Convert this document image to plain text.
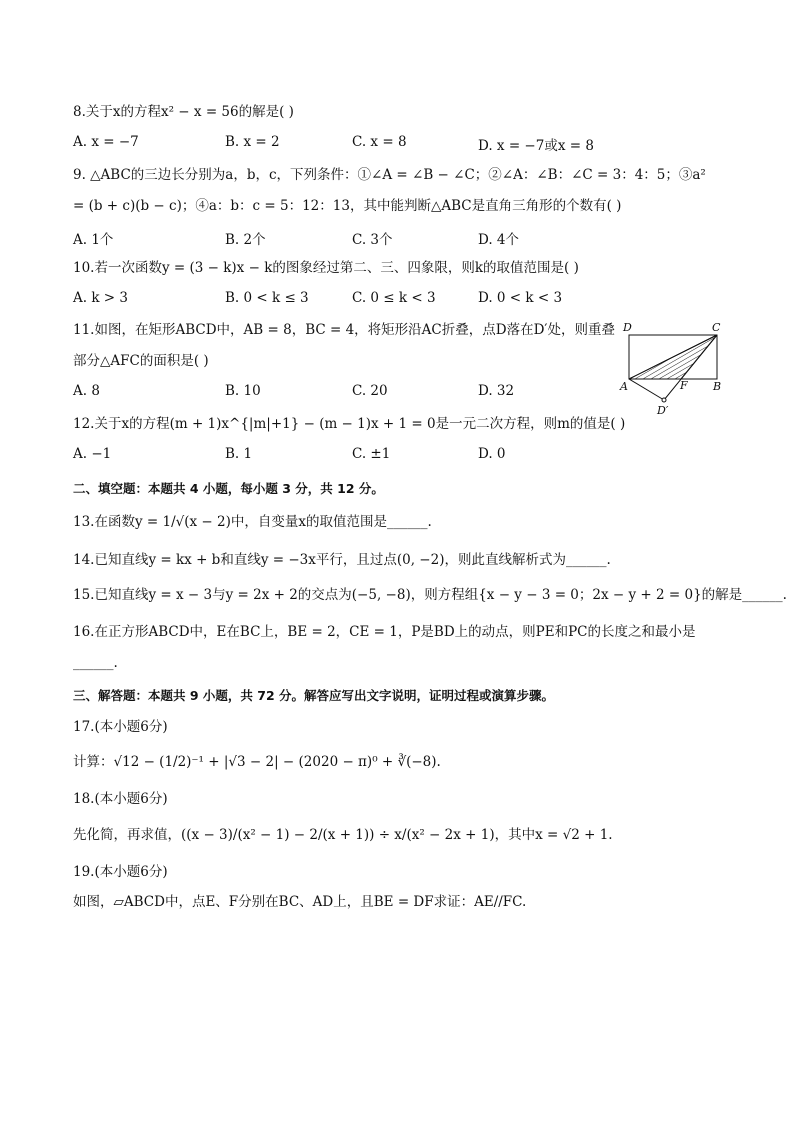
8.关于x的方程x² − x = 56的解是( )
A. x = −7	B. x = 2	C. x = 8	D. x = −7或x = 8
9. △ABC的三边长分别为a，b，c，下列条件：①∠A = ∠B − ∠C；②∠A：∠B：∠C = 3：4：5；③a²
= (b + c)(b − c)；④a：b：c = 5：12：13，其中能判断△ABC是直角三角形的个数有( )
A. 1个	B. 2个	C. 3个	D. 4个
10.若一次函数y = (3 − k)x − k的图象经过第二、三、四象限，则k的取值范围是( )
A. k > 3	B. 0 < k ≤ 3	C. 0 ≤ k < 3	D. 0 < k < 3
11.如图，在矩形ABCD中，AB = 8，BC = 4，将矩形沿AC折叠，点D落在D′处，则重叠
部分△AFC的面积是( )
A. 8	B. 10	C. 20	D. 32
D	C
A	F B
D′
12.关于x的方程(m + 1)x^{|m|+1} − (m − 1)x + 1 = 0是一元二次方程，则m的值是( )
A. −1	B. 1	C. ±1	D. 0
二、填空题：本题共 4 小题，每小题 3 分，共 12 分。
13.在函数y = 1/√(x − 2)中，自变量x的取值范围是______.
14.已知直线y = kx + b和直线y = −3x平行，且过点(0, −2)，则此直线解析式为______.
15.已知直线y = x − 3与y = 2x + 2的交点为(−5, −8)，则方程组{x − y − 3 = 0；2x − y + 2 = 0}的解是______.
16.在正方形ABCD中，E在BC上，BE = 2，CE = 1，P是BD上的动点，则PE和PC的长度之和最小是
______.
三、解答题：本题共 9 小题，共 72 分。解答应写出文字说明，证明过程或演算步骤。
17.(本小题6分)
计算：√12 − (1/2)⁻¹ + |√3 − 2| − (2020 − π)⁰ + ∛(−8).
18.(本小题6分)
先化简，再求值，((x − 3)/(x² − 1) − 2/(x + 1)) ÷ x/(x² − 2x + 1)，其中x = √2 + 1.
19.(本小题6分)
如图，▱ABCD中，点E、F分别在BC、AD上，且BE = DF求证：AE//FC.
